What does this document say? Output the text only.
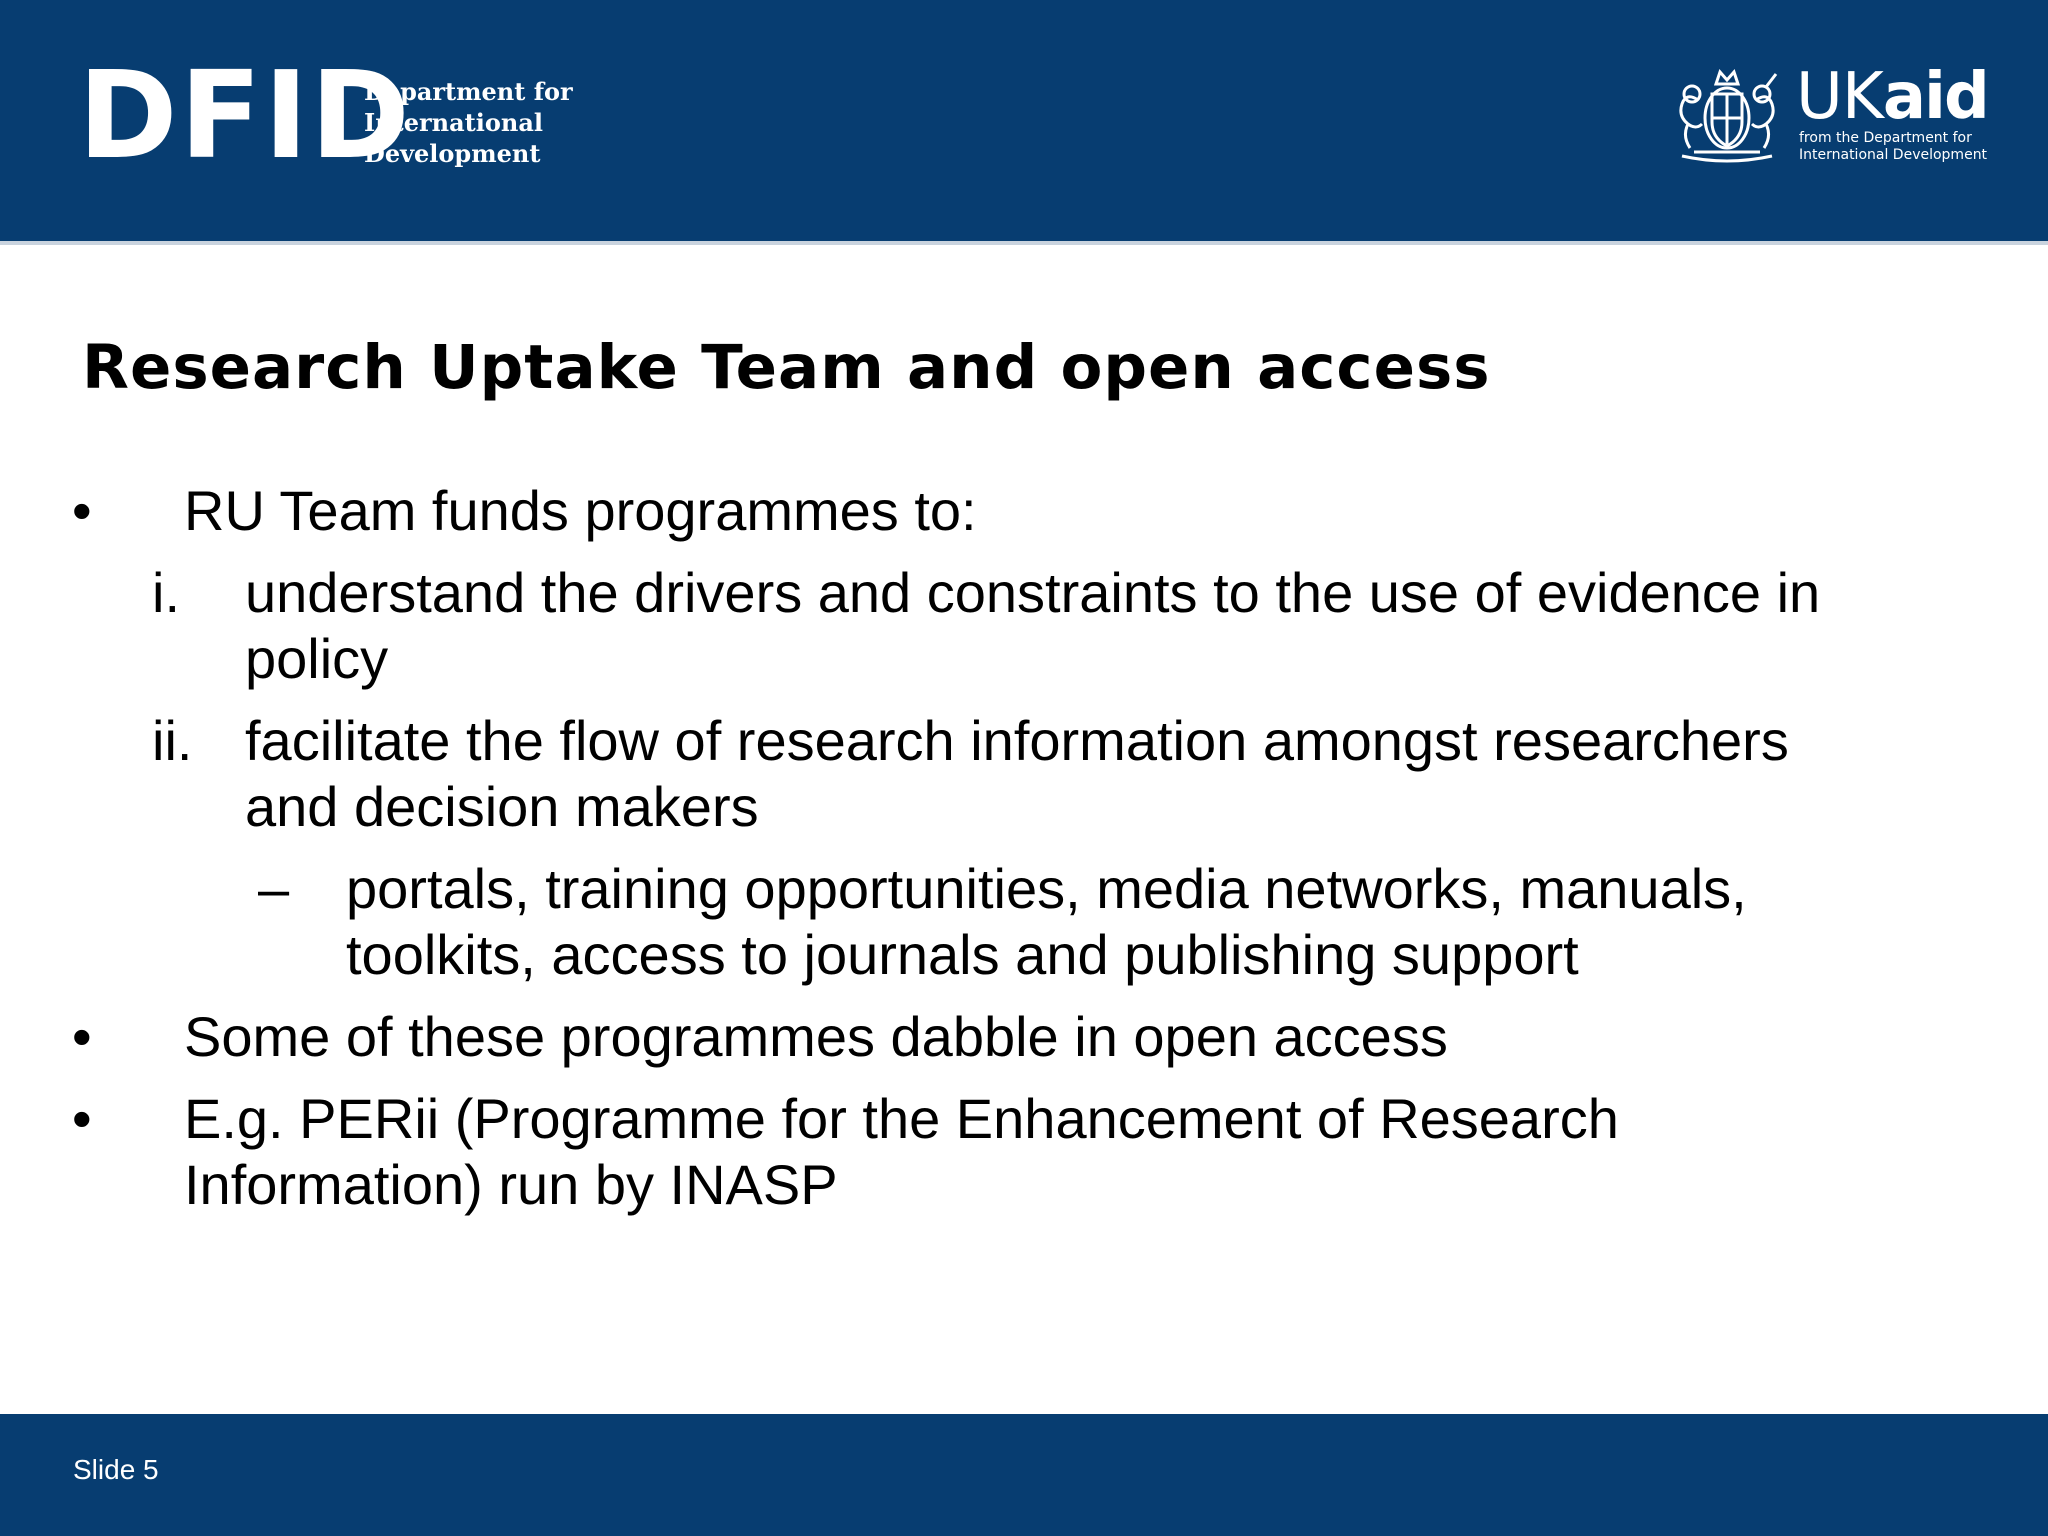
DFID
Department for
International
Development
UKaid
from the Department for
International Development
Research Uptake Team and open access
• RU Team funds programmes to:
i. understand the drivers and constraints to the use of evidence in
policy
ii. facilitate the flow of research information amongst researchers
and decision makers
– portals, training opportunities, media networks, manuals,
toolkits, access to journals and publishing support
• Some of these programmes dabble in open access
• E.g. PERii (Programme for the Enhancement of Research
Information) run by INASP
Slide 5
